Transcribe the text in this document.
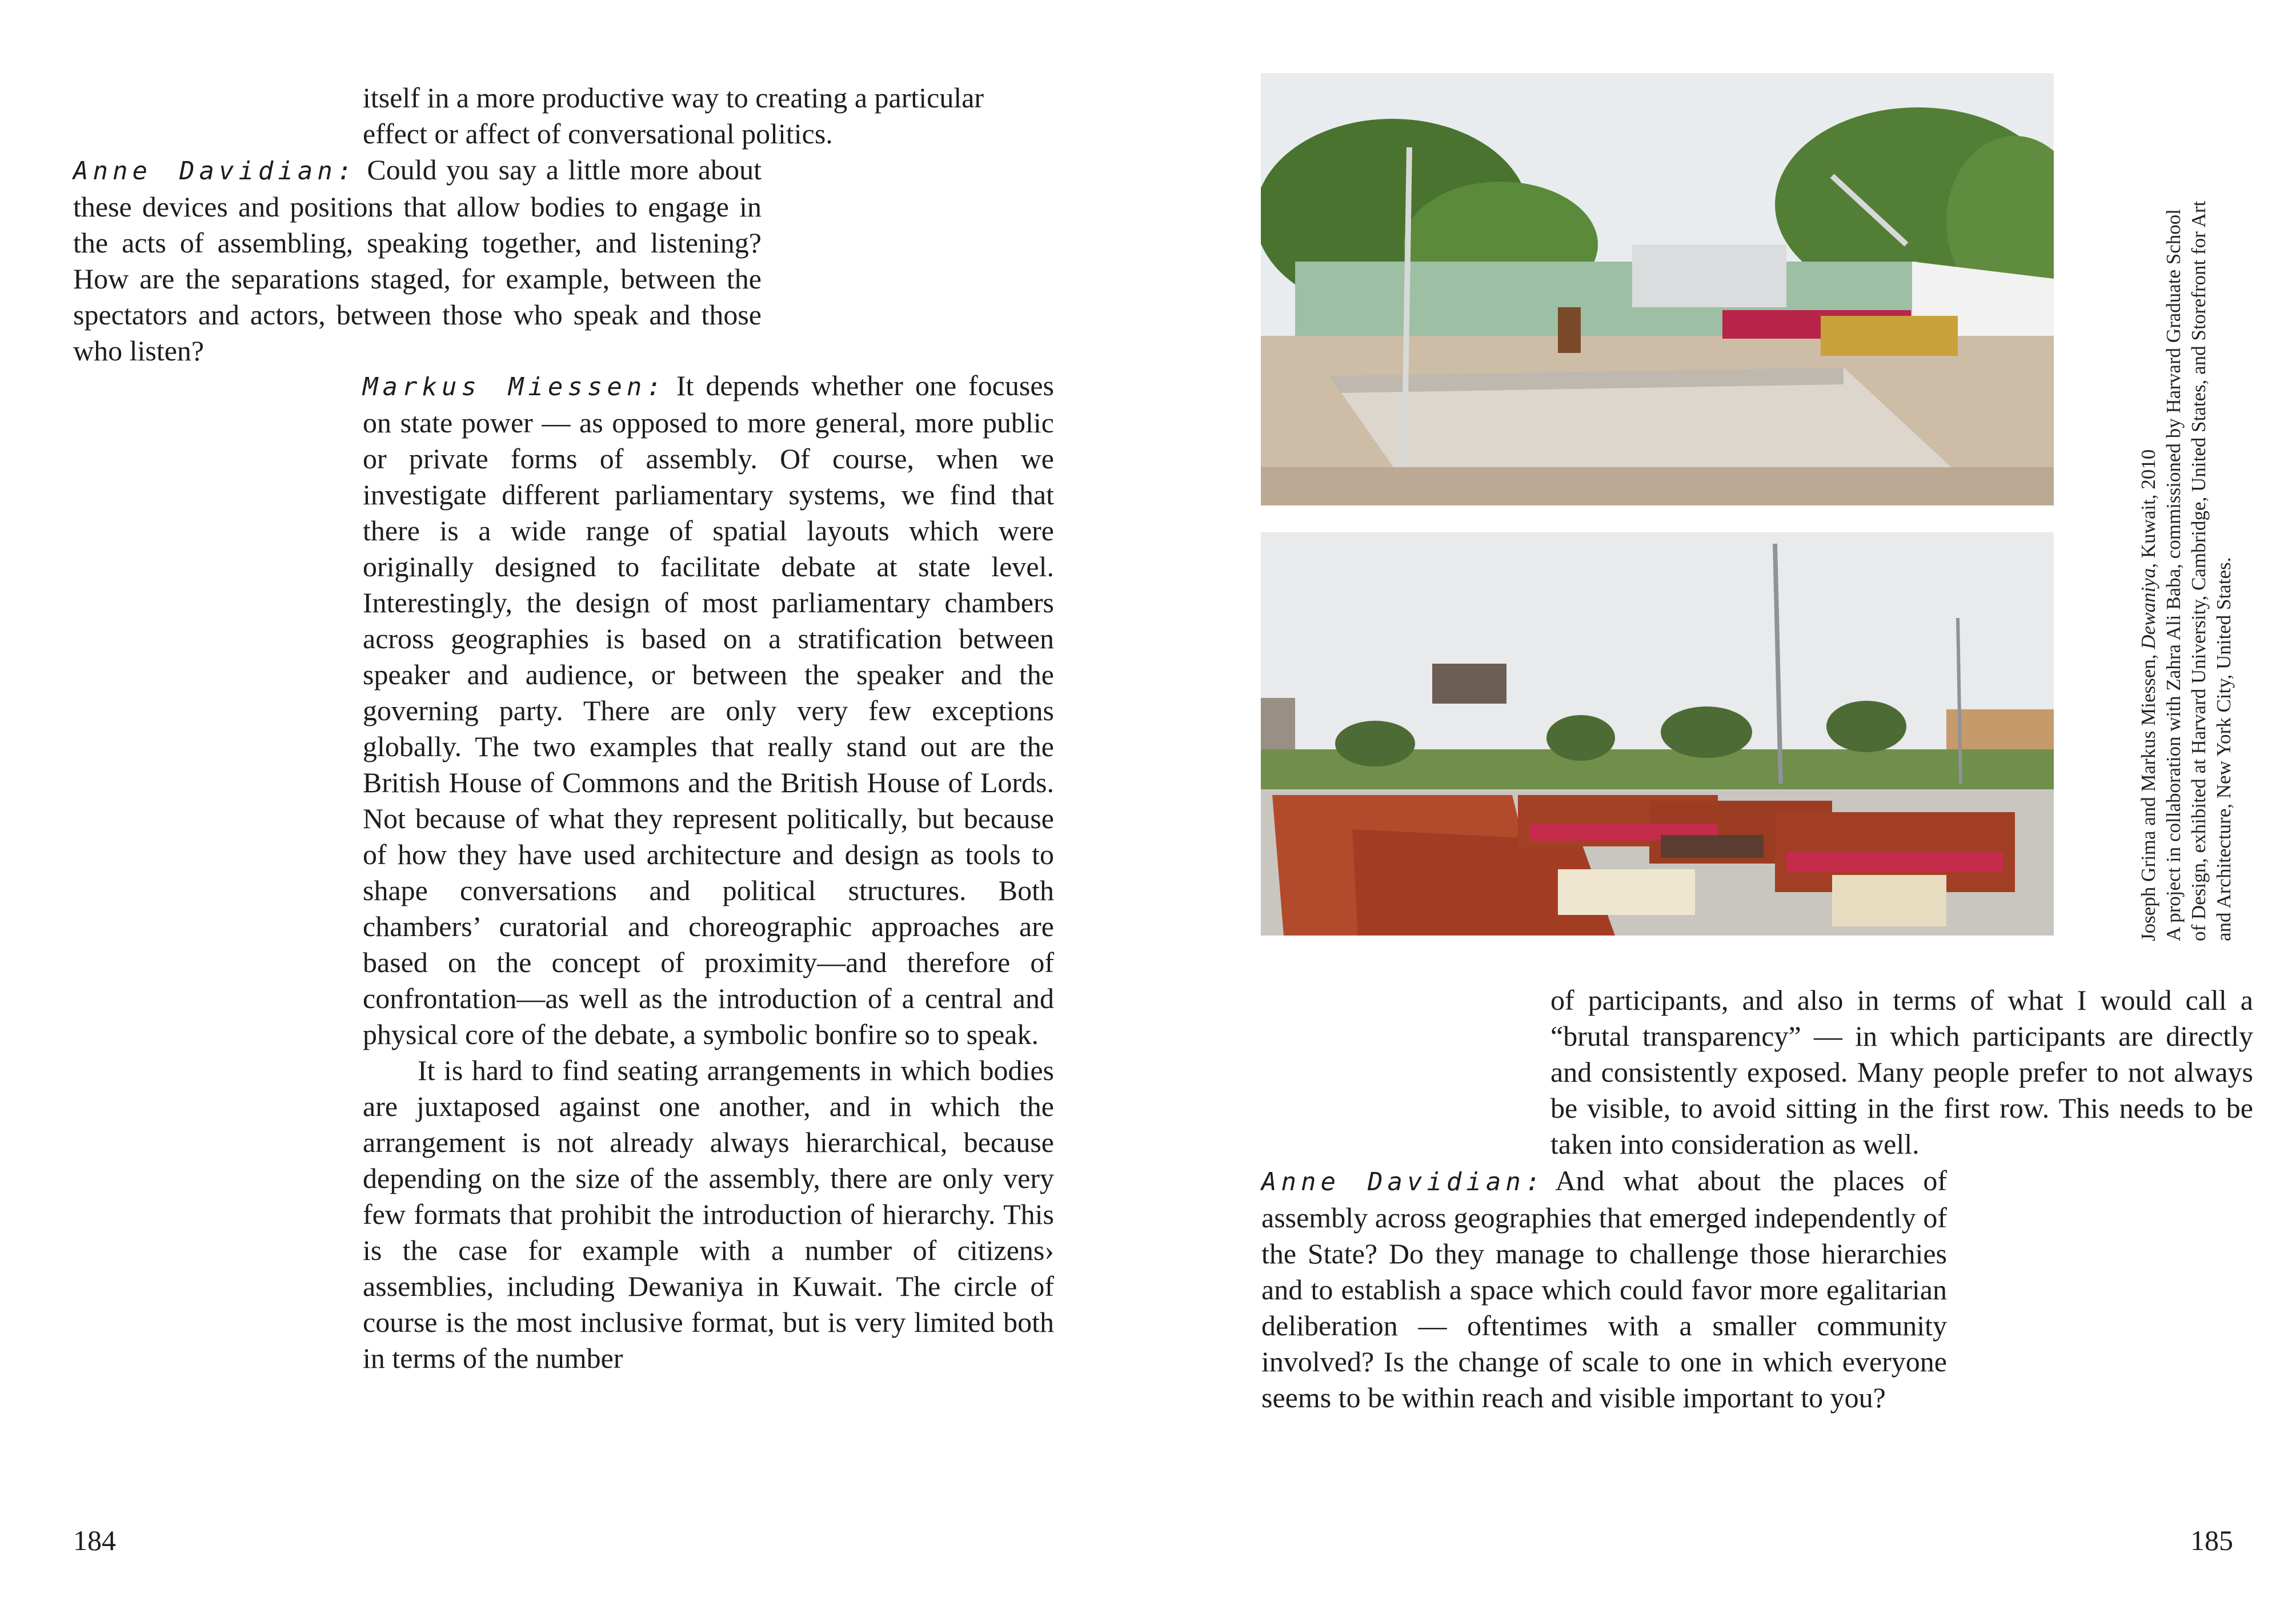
itself in a more productive way to creating a particular
effect or affect of conversational politics.

Anne Davidian: Could you say a little more about these devices and positions that allow bodies to engage in the acts of assembling, speaking together, and listening? How are the separations staged, for example, between the spectators and actors, between those who speak and those who listen?

Markus Miessen: It depends whether one focuses on state power — as opposed to more general, more public or private forms of assembly. Of course, when we investigate different parliamentary systems, we find that there is a wide range of spatial layouts which were originally designed to facilitate debate at state level. Interestingly, the design of most parliamentary chambers across geographies is based on a stratification between speaker and audience, or between the speaker and the governing party. There are only very few exceptions globally. The two examples that really stand out are the British House of Commons and the British House of Lords. Not because of what they represent politically, but because of how they have used architecture and design as tools to shape conversations and political structures. Both chambers’ curatorial and choreographic approaches are based on the concept of proximity—and therefore of confrontation—as well as the introduction of a central and physical core of the debate, a symbolic bonfire so to speak.

It is hard to find seating arrangements in which bodies are juxtaposed against one another, and in which the arrangement is not already always hierarchical, because depending on the size of the assembly, there are only very few formats that prohibit the introduction of hierarchy. This is the case for example with a number of citizens› assemblies, including Dewaniya in Kuwait. The circle of course is the most inclusive format, but is very limited both in terms of the number

184
Joseph Grima and Markus Miessen, Dewaniya, Kuwait, 2010 A project in collaboration with Zahra Ali Baba, commissioned by Harvard Graduate School of Design, exhibited at Harvard University, Cambridge, United States, and Storefront for Art and Architecture, New York City, United States.

of participants, and also in terms of what I would call a “brutal transparency” — in which participants are directly and consistently exposed. Many people prefer to not always be visible, to avoid sitting in the first row. This needs to be taken into consideration as well.

Anne Davidian: And what about the places of assembly across geographies that emerged independently of the State? Do they manage to challenge those hierarchies and to establish a space which could favor more egalitarian deliberation — oftentimes with a smaller community involved? Is the change of scale to one in which everyone seems to be within reach and visible important to you?

185
